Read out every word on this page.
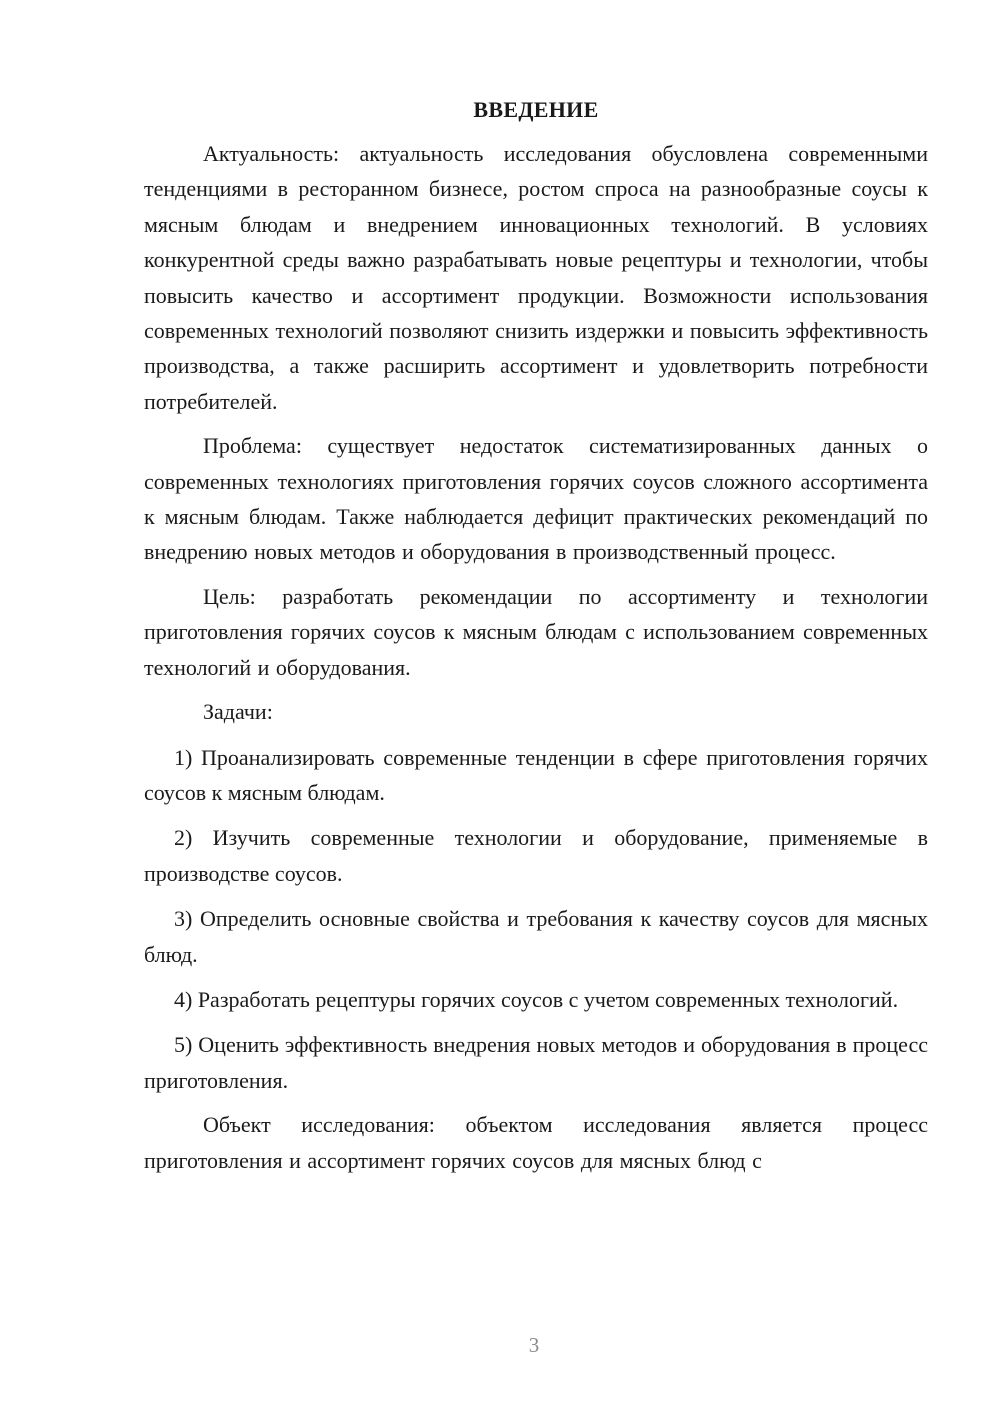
ВВЕДЕНИЕ

Актуальность: актуальность исследования обусловлена современными тенденциями в ресторанном бизнесе, ростом спроса на разнообразные соусы к мясным блюдам и внедрением инновационных технологий. В условиях конкурентной среды важно разрабатывать новые рецептуры и технологии, чтобы повысить качество и ассортимент продукции. Возможности использования современных технологий позволяют снизить издержки и повысить эффективность производства, а также расширить ассортимент и удовлетворить потребности потребителей.

Проблема: существует недостаток систематизированных данных о современных технологиях приготовления горячих соусов сложного ассортимента к мясным блюдам. Также наблюдается дефицит практических рекомендаций по внедрению новых методов и оборудования в производственный процесс.

Цель: разработать рекомендации по ассортименту и технологии приготовления горячих соусов к мясным блюдам с использованием современных технологий и оборудования.

Задачи:

1) Проанализировать современные тенденции в сфере приготовления горячих соусов к мясным блюдам.

2) Изучить современные технологии и оборудование, применяемые в производстве соусов.

3) Определить основные свойства и требования к качеству соусов для мясных блюд.

4) Разработать рецептуры горячих соусов с учетом современных технологий.

5) Оценить эффективность внедрения новых методов и оборудования в процесс приготовления.

Объект исследования: объектом исследования является процесс приготовления и ассортимент горячих соусов для мясных блюд с

3
